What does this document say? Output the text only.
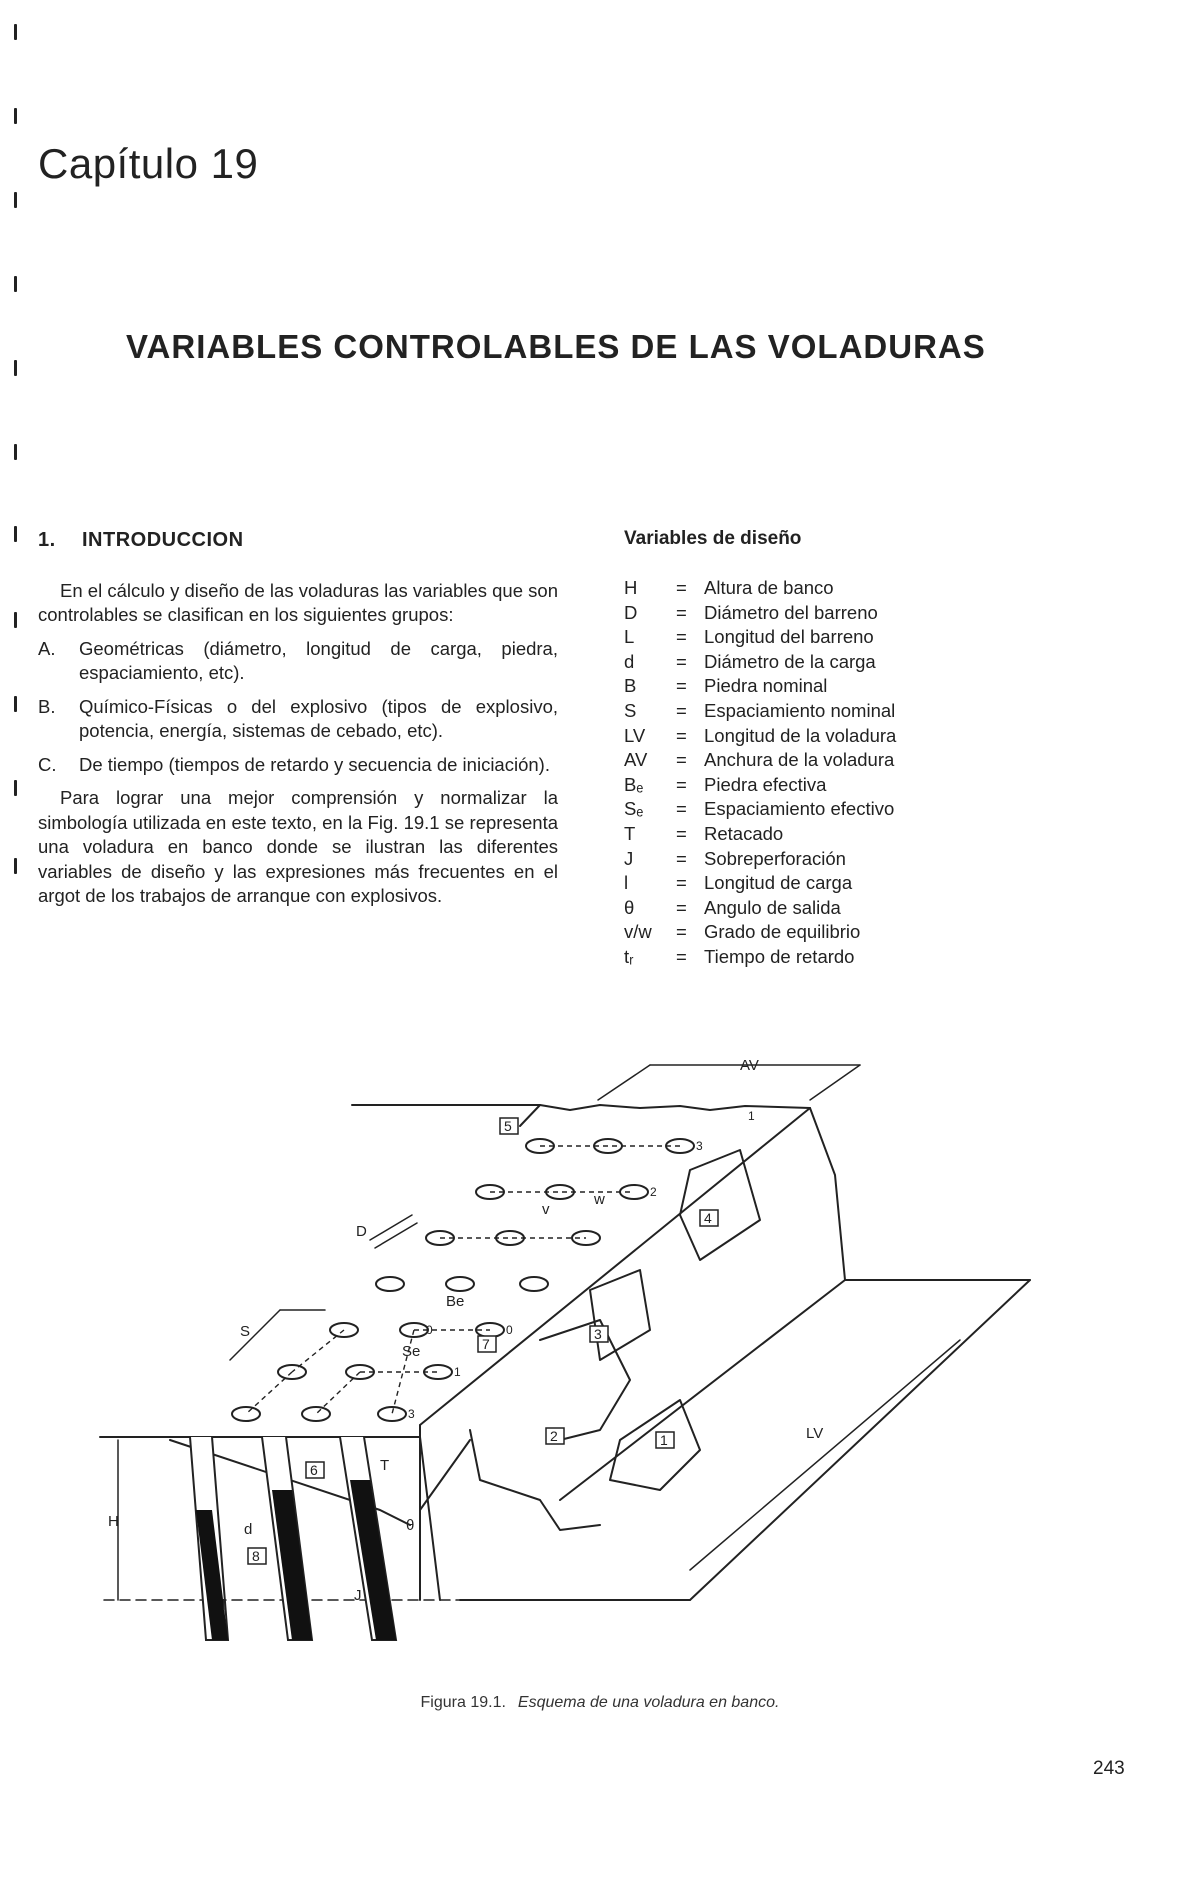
Capítulo 19
VARIABLES CONTROLABLES DE LAS VOLADURAS
1. INTRODUCCION

En el cálculo y diseño de las voladuras las variables que son controlables se clasifican en los siguientes grupos:

A. Geométricas (diámetro, longitud de carga, piedra, espaciamiento, etc).
B. Químico-Físicas o del explosivo (tipos de explosivo, potencia, energía, sistemas de cebado, etc).
C. De tiempo (tiempos de retardo y secuencia de iniciación).

Para lograr una mejor comprensión y normalizar la simbología utilizada en este texto, en la Fig. 19.1 se representa una voladura en banco donde se ilustran las diferentes variables de diseño y las expresiones más frecuentes en el argot de los trabajos de arranque con explosivos.

Variables de diseño
H = Altura de banco
D = Diámetro del barreno
L = Longitud del barreno
d = Diámetro de la carga
B = Piedra nominal
S = Espaciamiento nominal
LV = Longitud de la voladura
AV = Anchura de la voladura
Bₑ = Piedra efectiva
Sₑ = Espaciamiento efectivo
T = Retacado
J = Sobreperforación
l	= Longitud de carga
θ = Angulo de salida
v/w = Grado de equilibrio
tᵣ = Tiempo de retardo
5
4
3
7
2	1
6
8
AV
LV
H
D
S
d	θ
Be
Se
v
w
J
T
l
1
3
2
0
0
1
3
Figura 19.1. Esquema de una voladura en banco.
243
